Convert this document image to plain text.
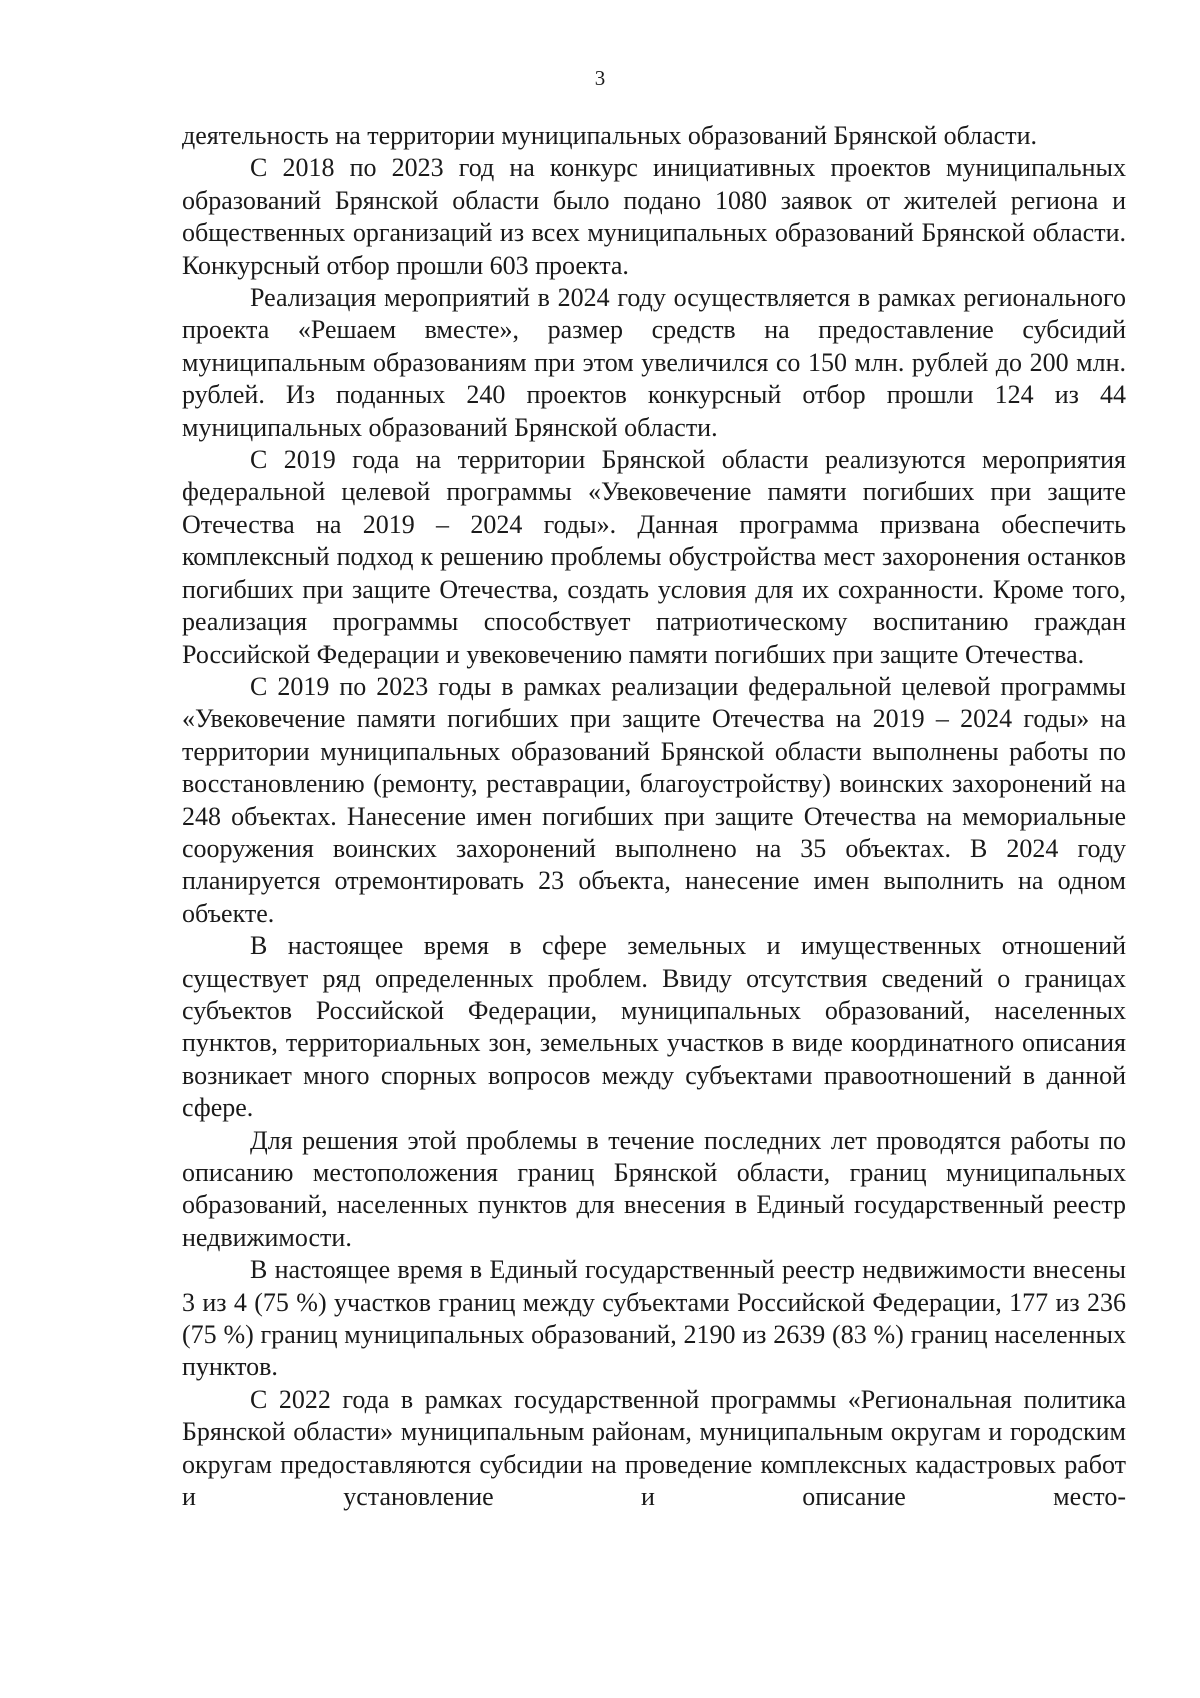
3

деятельность на территории муниципальных образований Брянской области.

С 2018 по 2023 год на конкурс инициативных проектов муниципальных образований Брянской области было подано 1080 заявок от жителей региона и общественных организаций из всех муниципальных образований Брянской области. Конкурсный отбор прошли 603 проекта.

Реализация мероприятий в 2024 году осуществляется в рамках регионального проекта «Решаем вместе», размер средств на предоставление субсидий муниципальным образованиям при этом увеличился со 150 млн. рублей до 200 млн. рублей. Из поданных 240 проектов конкурсный отбор прошли 124 из 44 муниципальных образований Брянской области.

С 2019 года на территории Брянской области реализуются мероприятия федеральной целевой программы «Увековечение памяти погибших при защите Отечества на 2019 – 2024 годы». Данная программа призвана обеспечить комплексный подход к решению проблемы обустройства мест захоронения останков погибших при защите Отечества, создать условия для их сохранности. Кроме того, реализация программы способствует патриотическому воспитанию граждан Российской Федерации и увековечению памяти погибших при защите Отечества.

С 2019 по 2023 годы в рамках реализации федеральной целевой программы «Увековечение памяти погибших при защите Отечества на 2019 – 2024 годы» на территории муниципальных образований Брянской области выполнены работы по восстановлению (ремонту, реставрации, благоустройству) воинских захоронений на 248 объектах. Нанесение имен погибших при защите Отечества на мемориальные сооружения воинских захоронений выполнено на 35 объектах. В 2024 году планируется отремонтировать 23 объекта, нанесение имен выполнить на одном объекте.

В настоящее время в сфере земельных и имущественных отношений существует ряд определенных проблем. Ввиду отсутствия сведений о границах субъектов Российской Федерации, муниципальных образований, населенных пунктов, территориальных зон, земельных участков в виде координатного описания возникает много спорных вопросов между субъектами правоотношений в данной сфере.

Для решения этой проблемы в течение последних лет проводятся работы по описанию местоположения границ Брянской области, границ муниципальных образований, населенных пунктов для внесения в Единый государственный реестр недвижимости.

В настоящее время в Единый государственный реестр недвижимости внесены 3 из 4 (75 %) участков границ между субъектами Российской Федерации, 177 из 236 (75 %) границ муниципальных образований, 2190 из 2639 (83 %) границ населенных пунктов.

С 2022 года в рамках государственной программы «Региональная политика Брянской области» муниципальным районам, муниципальным округам и городским округам предоставляются субсидии на проведение комплексных кадастровых работ и установление и описание место-
